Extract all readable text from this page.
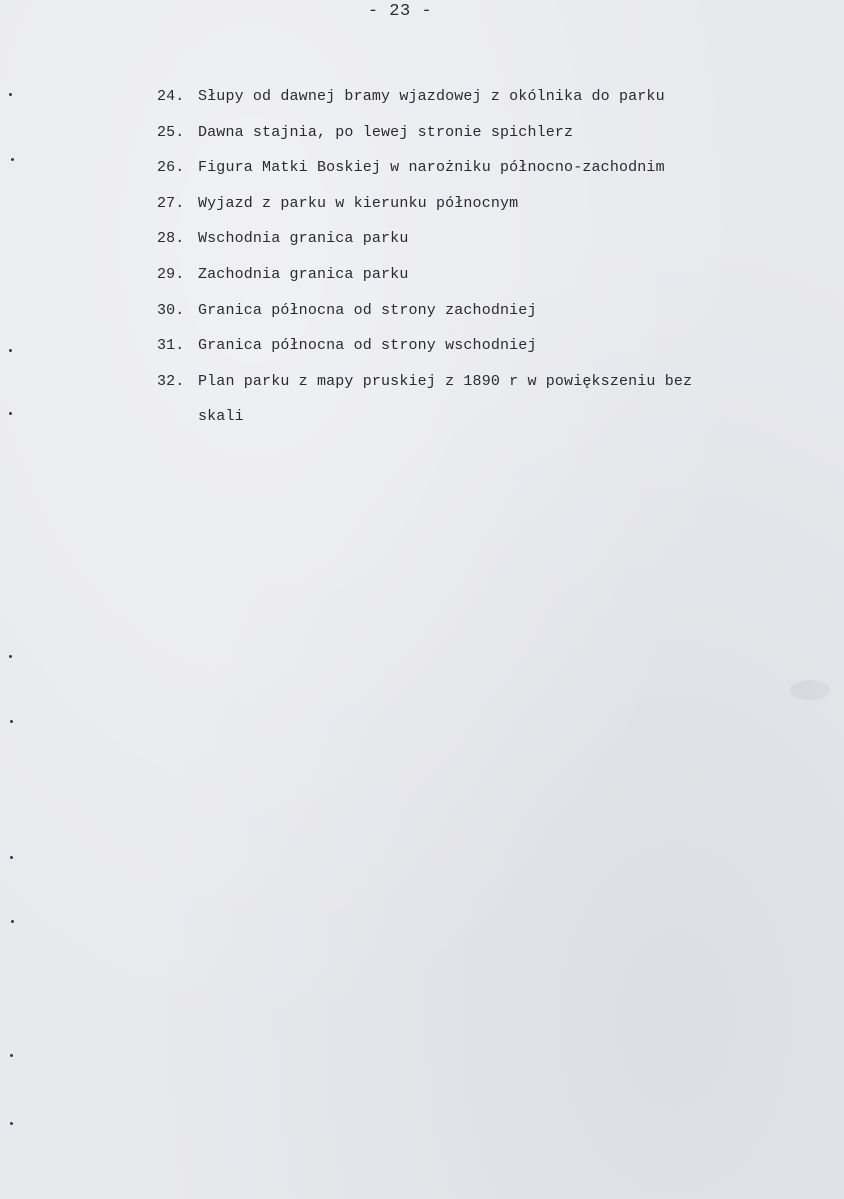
- 23 -
24. Słupy od dawnej bramy wjazdowej z okólnika do parku
25. Dawna stajnia, po lewej stronie spichlerz
26. Figura Matki Boskiej w narożniku północno-zachodnim
27. Wyjazd z parku w kierunku północnym
28. Wschodnia granica parku
29. Zachodnia granica parku
30. Granica północna od strony zachodniej
31. Granica północna od strony wschodniej
32. Plan parku z mapy pruskiej z 1890 r w powiększeniu bez
skali
